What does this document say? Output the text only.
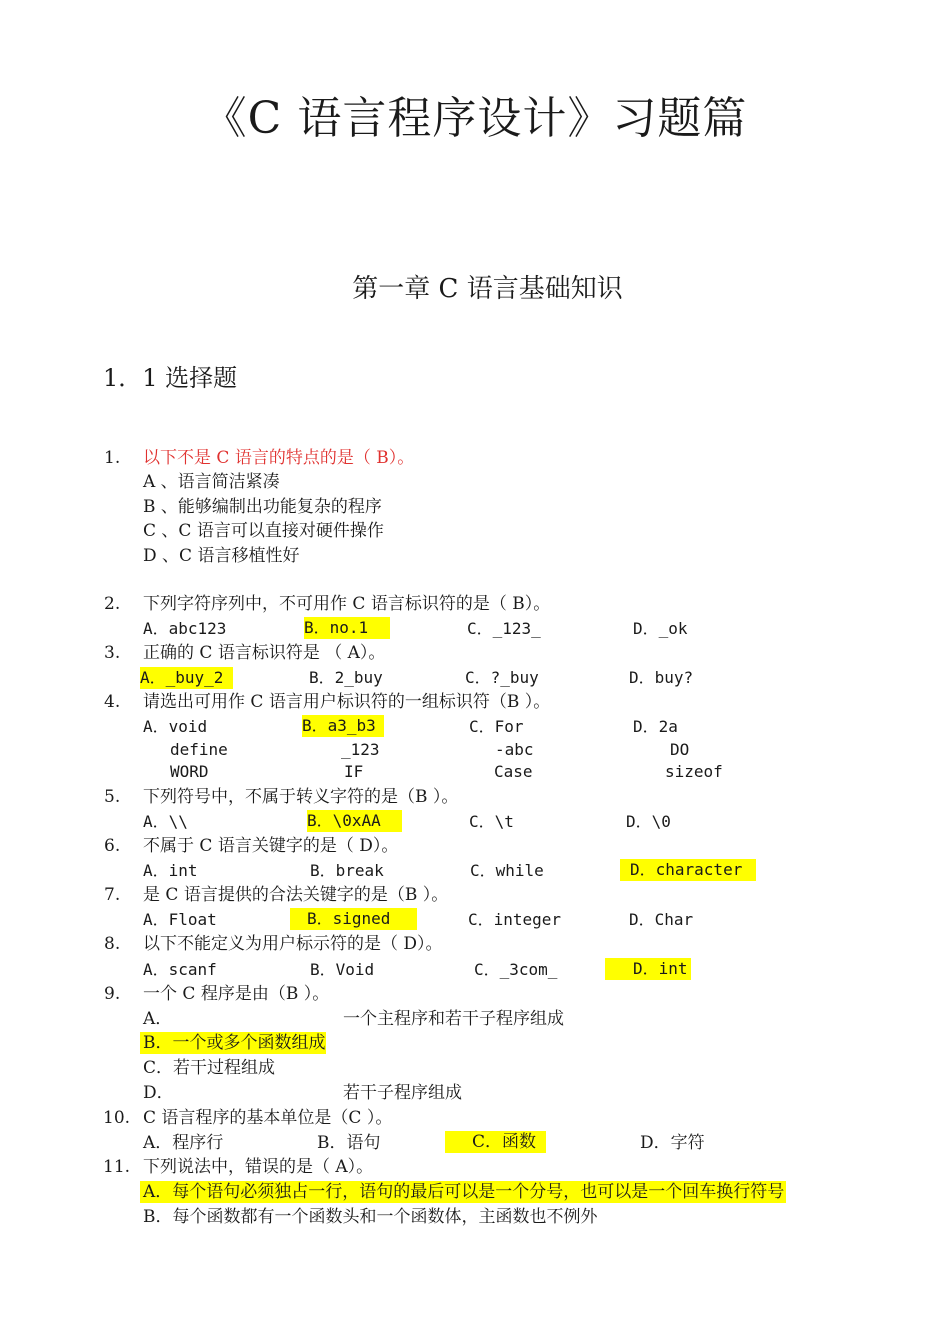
《C 语言程序设计》习题篇
第一章 C 语言基础知识
1．1 选择题
1. 以下不是 C 语言的特点的是（ B）。
A 、语言简洁紧凑
B 、能够编制出功能复杂的程序
C 、C 语言可以直接对硬件操作
D 、C 语言移植性好
2. 下列字符序列中，不可用作 C 语言标识符的是（ B）。
A．abc123	B．no.1	C．_123_	D．_ok
3. 正确的 C 语言标识符是 （ A）。
A．_buy_2	B．2_buy	C．?_buy	D．buy?
4. 请选出可用作 C 语言用户标识符的一组标识符（B ）。
A．void	B．a3_b3	C．For	D．2a
define	_123	-abc	DO
WORD	IF	Case	sizeof
5. 下列符号中，不属于转义字符的是（B ）。
A．\\	B．\0xAA	C．\t	D．\0
6. 不属于 C 语言关键字的是（ D）。
A．int	B．break	C．while	D．character
7. 是 C 语言提供的合法关键字的是（B ）。
A．Float	B．signed	C．integer	D．Char
8. 以下不能定义为用户标示符的是（ D）。
A．scanf	B．Void	C．_3com_	D．int
9. 一个 C 程序是由（B ）。
A．	一个主程序和若干子程序组成
B．一个或多个函数组成
C．若干过程组成
D．	若干子程序组成
10. C 语言程序的基本单位是（C ）。
A．程序行	B．语句	C．函数	D．字符
11. 下列说法中，错误的是（ A）。
A．每个语句必须独占一行，语句的最后可以是一个分号，也可以是一个回车换行符号
B．每个函数都有一个函数头和一个函数体，主函数也不例外
